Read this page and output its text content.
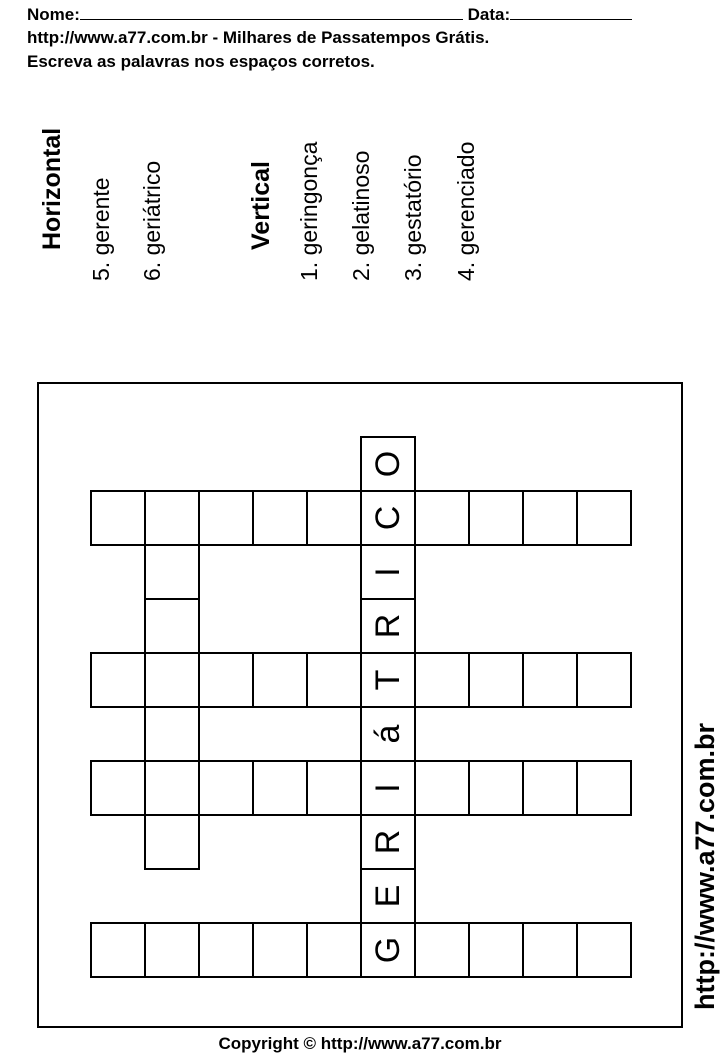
Nome:	Data:
http://www.a77.com.br - Milhares de Passatempos Grátis.
Escreva as palavras nos espaços corretos.
Horizontal 5. gerente 6. geriátrico	Vertical 1. geringonça 2. gelatinoso 3. gestatório 4. gerenciado
C
T
I
G
O
I
R
á
R
E	http://www.a77.com.br
Copyright © http://www.a77.com.br
